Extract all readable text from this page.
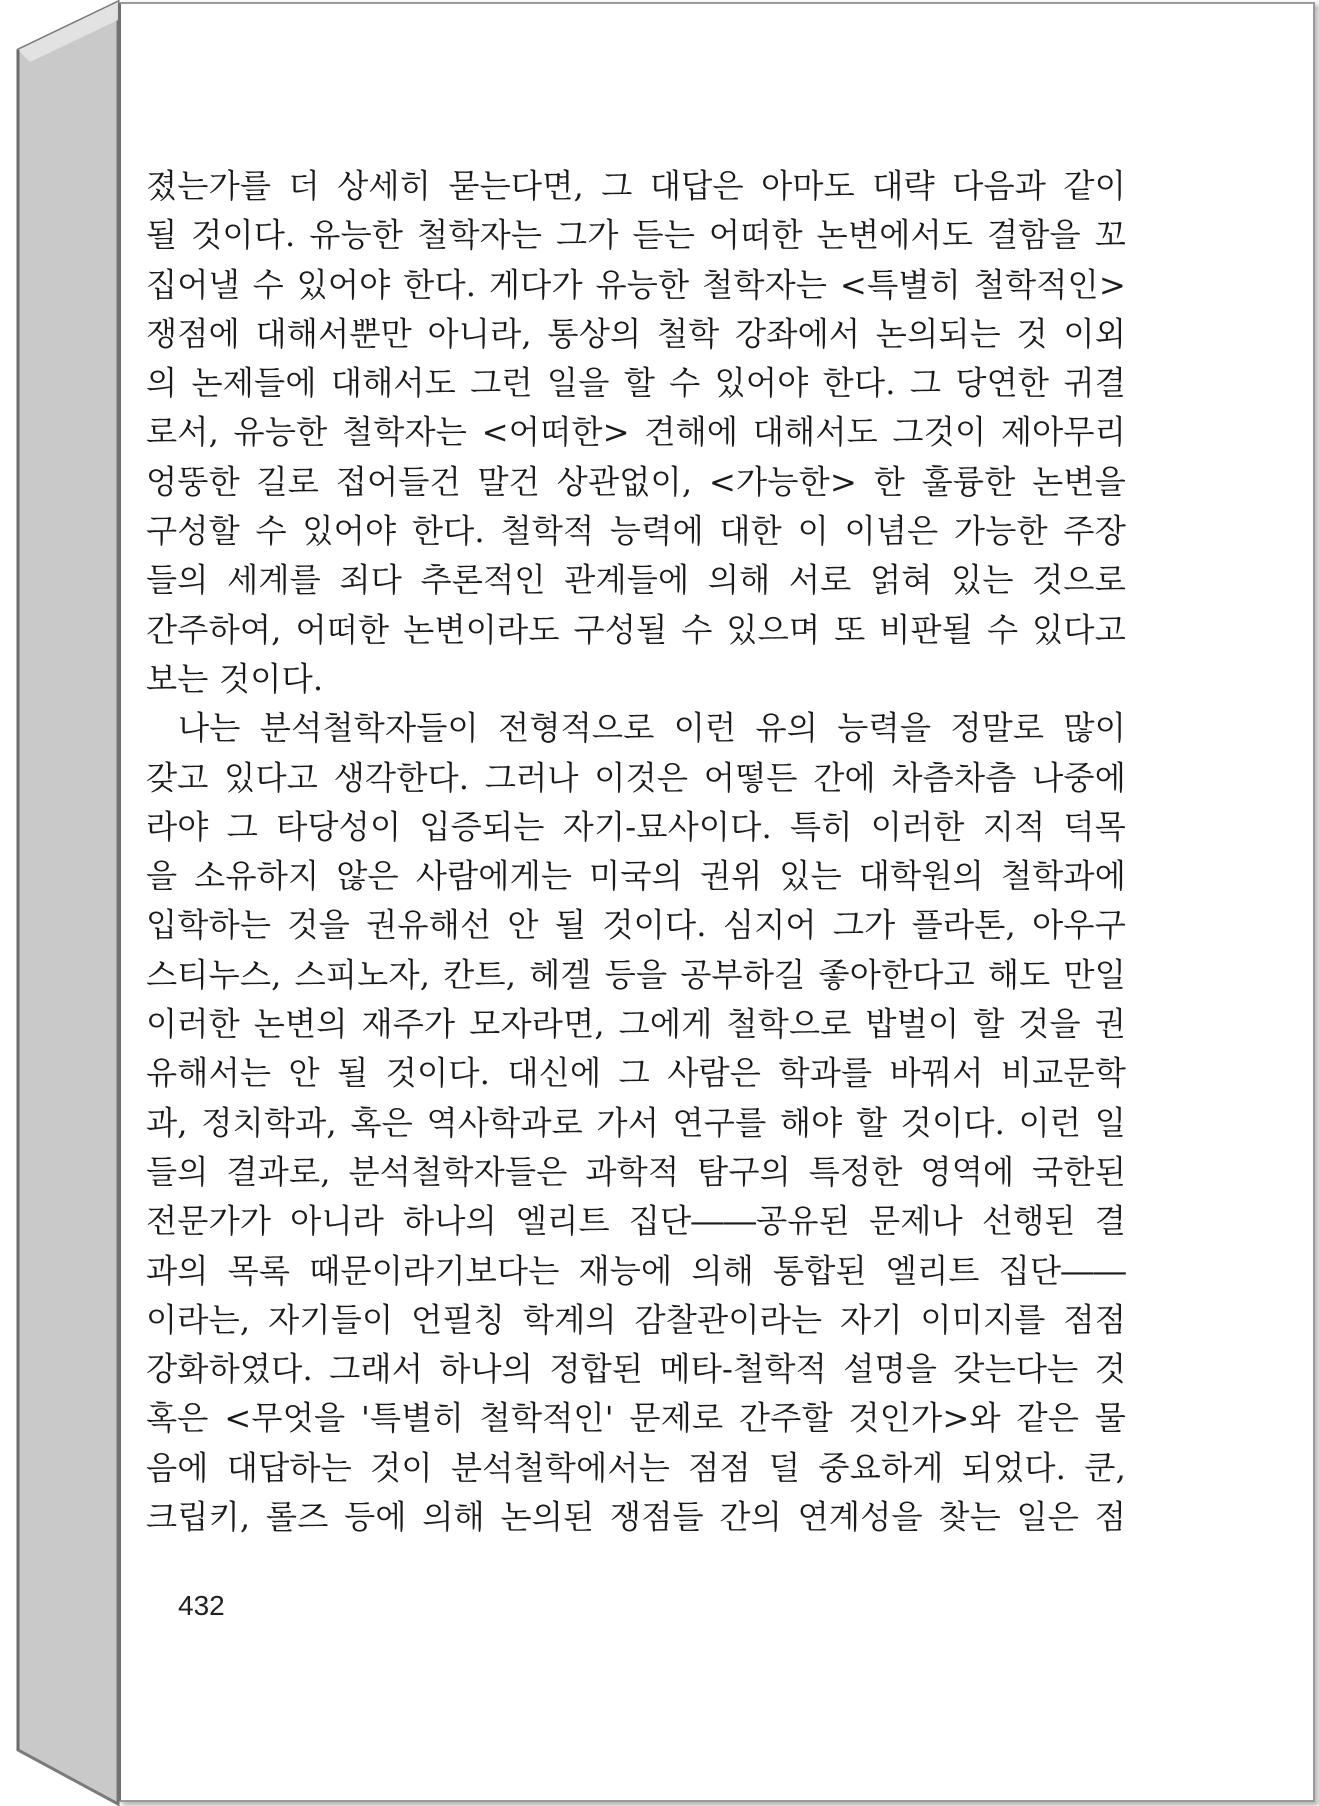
졌는가를 더 상세히 묻는다면, 그 대답은 아마도 대략 다음과 같이
될 것이다. 유능한 철학자는 그가 듣는 어떠한 논변에서도 결함을 꼬
집어낼 수 있어야 한다. 게다가 유능한 철학자는 <특별히 철학적인>
쟁점에 대해서뿐만 아니라, 통상의 철학 강좌에서 논의되는 것 이외
의 논제들에 대해서도 그런 일을 할 수 있어야 한다. 그 당연한 귀결
로서, 유능한 철학자는 <어떠한> 견해에 대해서도 그것이 제아무리
엉뚱한 길로 접어들건 말건 상관없이, <가능한> 한 훌륭한 논변을
구성할 수 있어야 한다. 철학적 능력에 대한 이 이념은 가능한 주장
들의 세계를 죄다 추론적인 관계들에 의해 서로 얽혀 있는 것으로
간주하여, 어떠한 논변이라도 구성될 수 있으며 또 비판될 수 있다고
보는 것이다.
나는 분석철학자들이 전형적으로 이런 유의 능력을 정말로 많이
갖고 있다고 생각한다. 그러나 이것은 어떻든 간에 차츰차츰 나중에
라야 그 타당성이 입증되는 자기-묘사이다. 특히 이러한 지적 덕목
을 소유하지 않은 사람에게는 미국의 권위 있는 대학원의 철학과에
입학하는 것을 권유해선 안 될 것이다. 심지어 그가 플라톤, 아우구
스티누스, 스피노자, 칸트, 헤겔 등을 공부하길 좋아한다고 해도 만일
이러한 논변의 재주가 모자라면, 그에게 철학으로 밥벌이 할 것을 권
유해서는 안 될 것이다. 대신에 그 사람은 학과를 바꿔서 비교문학
과, 정치학과, 혹은 역사학과로 가서 연구를 해야 할 것이다. 이런 일
들의 결과로, 분석철학자들은 과학적 탐구의 특정한 영역에 국한된
전문가가 아니라 하나의 엘리트 집단――공유된 문제나 선행된 결
과의 목록 때문이라기보다는 재능에 의해 통합된 엘리트 집단――
이라는, 자기들이 언필칭 학계의 감찰관이라는 자기 이미지를 점점
강화하였다. 그래서 하나의 정합된 메타-철학적 설명을 갖는다는 것
혹은 <무엇을 '특별히 철학적인' 문제로 간주할 것인가>와 같은 물
음에 대답하는 것이 분석철학에서는 점점 덜 중요하게 되었다. 쿤,
크립키, 롤즈 등에 의해 논의된 쟁점들 간의 연계성을 찾는 일은 점
432
